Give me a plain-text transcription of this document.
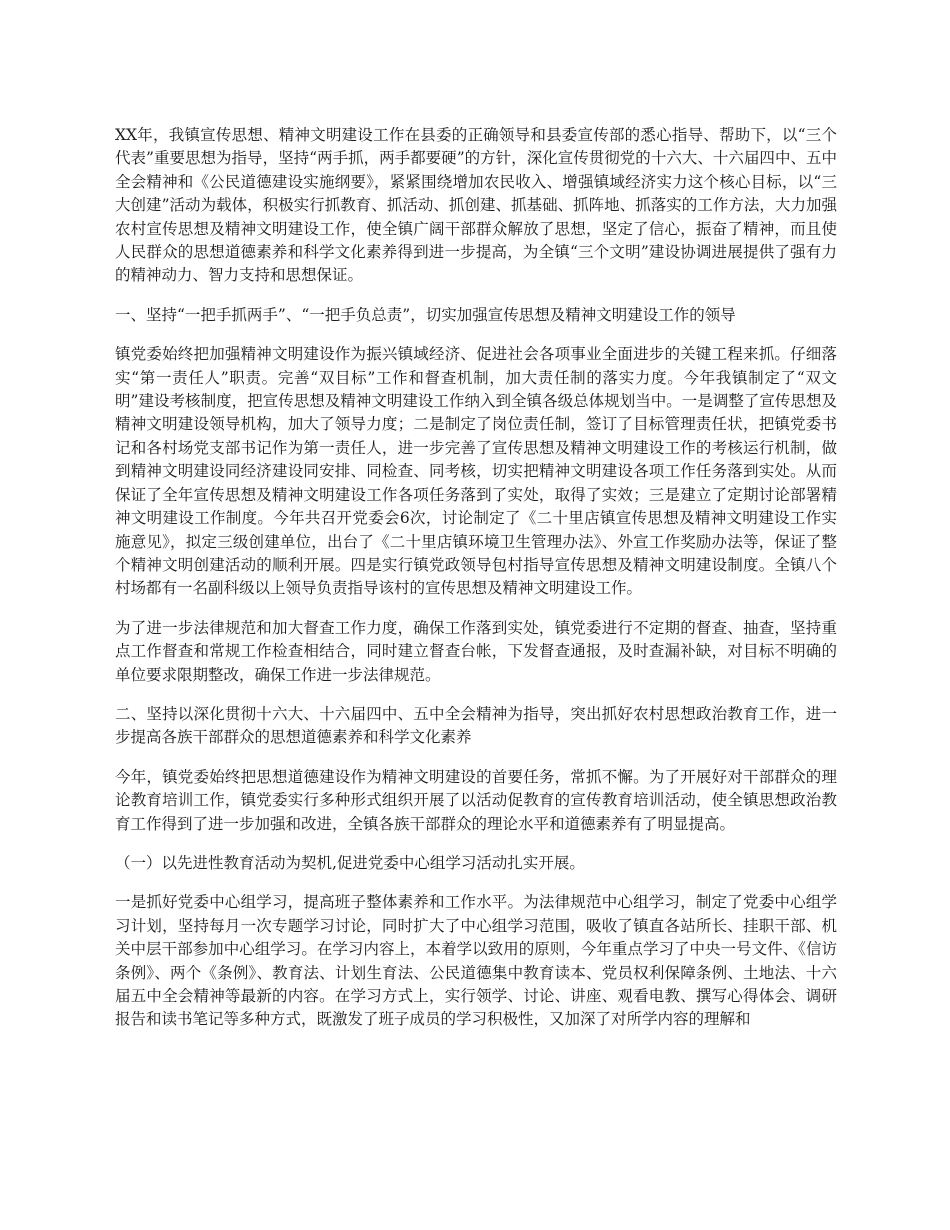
XX年，我镇宣传思想、精神文明建设工作在县委的正确领导和县委宣传部的悉心指导、帮助下，以“三个代表”重要思想为指导，坚持“两手抓，两手都要硬”的方针，深化宣传贯彻党的十六大、十六届四中、五中全会精神和《公民道德建设实施纲要》，紧紧围绕增加农民收入、增强镇域经济实力这个核心目标，以“三大创建”活动为载体，积极实行抓教育、抓活动、抓创建、抓基础、抓阵地、抓落实的工作方法，大力加强农村宣传思想及精神文明建设工作，使全镇广阔干部群众解放了思想，坚定了信心，振奋了精神，而且使人民群众的思想道德素养和科学文化素养得到进一步提高，为全镇“三个文明”建设协调进展提供了强有力的精神动力、智力支持和思想保证。

一、坚持“一把手抓两手”、“一把手负总责”，切实加强宣传思想及精神文明建设工作的领导

镇党委始终把加强精神文明建设作为振兴镇域经济、促进社会各项事业全面进步的关键工程来抓。仔细落实“第一责任人”职责。完善“双目标”工作和督查机制，加大责任制的落实力度。今年我镇制定了“双文明”建设考核制度，把宣传思想及精神文明建设工作纳入到全镇各级总体规划当中。一是调整了宣传思想及精神文明建设领导机构，加大了领导力度；二是制定了岗位责任制，签订了目标管理责任状，把镇党委书记和各村场党支部书记作为第一责任人，进一步完善了宣传思想及精神文明建设工作的考核运行机制，做到精神文明建设同经济建设同安排、同检查、同考核，切实把精神文明建设各项工作任务落到实处。从而保证了全年宣传思想及精神文明建设工作各项任务落到了实处，取得了实效；三是建立了定期讨论部署精神文明建设工作制度。今年共召开党委会6次，讨论制定了《二十里店镇宣传思想及精神文明建设工作实施意见》，拟定三级创建单位，出台了《二十里店镇环境卫生管理办法》、外宣工作奖励办法等，保证了整个精神文明创建活动的顺利开展。四是实行镇党政领导包村指导宣传思想及精神文明建设制度。全镇八个村场都有一名副科级以上领导负责指导该村的宣传思想及精神文明建设工作。

为了进一步法律规范和加大督查工作力度，确保工作落到实处，镇党委进行不定期的督查、抽查，坚持重点工作督查和常规工作检查相结合，同时建立督查台帐，下发督查通报，及时查漏补缺，对目标不明确的单位要求限期整改，确保工作进一步法律规范。

二、坚持以深化贯彻十六大、十六届四中、五中全会精神为指导，突出抓好农村思想政治教育工作，进一步提高各族干部群众的思想道德素养和科学文化素养

今年，镇党委始终把思想道德建设作为精神文明建设的首要任务，常抓不懈。为了开展好对干部群众的理论教育培训工作，镇党委实行多种形式组织开展了以活动促教育的宣传教育培训活动，使全镇思想政治教育工作得到了进一步加强和改进，全镇各族干部群众的理论水平和道德素养有了明显提高。

（一）以先进性教育活动为契机,促进党委中心组学习活动扎实开展。

一是抓好党委中心组学习，提高班子整体素养和工作水平。为法律规范中心组学习，制定了党委中心组学习计划，坚持每月一次专题学习讨论，同时扩大了中心组学习范围，吸收了镇直各站所长、挂职干部、机关中层干部参加中心组学习。在学习内容上，本着学以致用的原则，今年重点学习了中央一号文件、《信访条例》、两个《条例》、教育法、计划生育法、公民道德集中教育读本、党员权利保障条例、土地法、十六届五中全会精神等最新的内容。在学习方式上，实行领学、讨论、讲座、观看电教、撰写心得体会、调研报告和读书笔记等多种方式，既激发了班子成员的学习积极性，又加深了对所学内容的理解和
